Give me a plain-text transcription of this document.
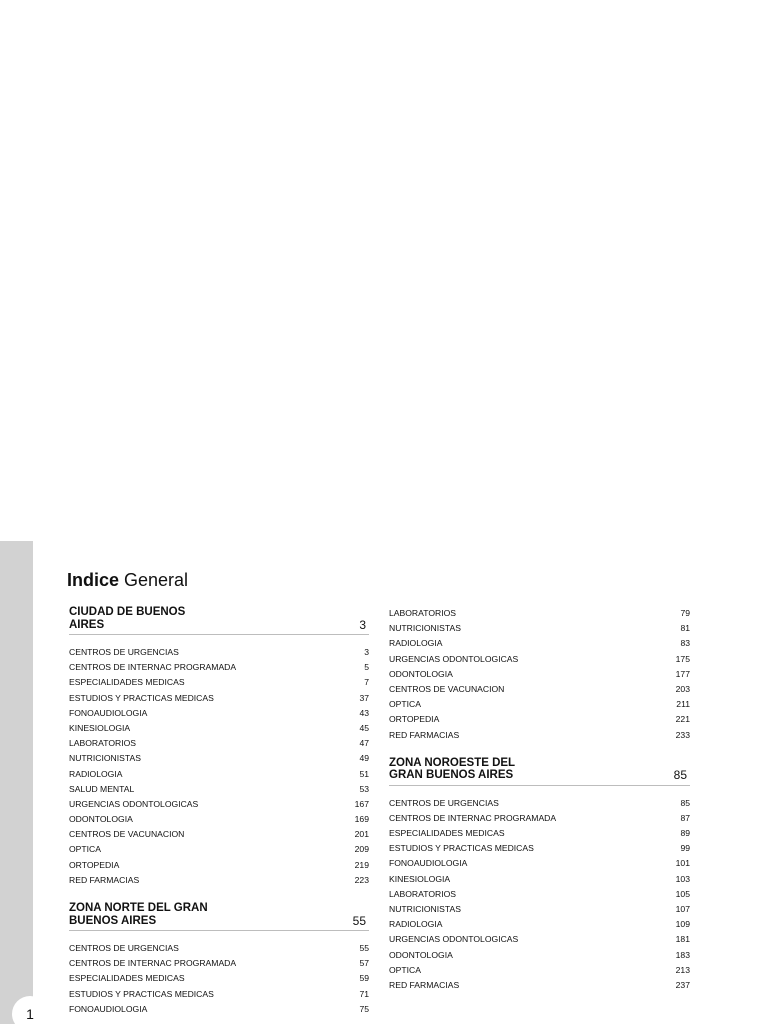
1
Indice General
CIUDAD DE BUENOS
AIRES	3
CENTROS DE URGENCIAS	3
CENTROS DE INTERNAC PROGRAMADA	5
ESPECIALIDADES MEDICAS	7
ESTUDIOS Y PRACTICAS MEDICAS	37
FONOAUDIOLOGIA	43
KINESIOLOGIA	45
LABORATORIOS	47
NUTRICIONISTAS	49
RADIOLOGIA	51
SALUD MENTAL	53
URGENCIAS ODONTOLOGICAS	167
ODONTOLOGIA	169
CENTROS DE VACUNACION	201
OPTICA	209
ORTOPEDIA	219
RED FARMACIAS	223
ZONA NORTE DEL GRAN
BUENOS AIRES	55
CENTROS DE URGENCIAS	55
CENTROS DE INTERNAC PROGRAMADA	57
ESPECIALIDADES MEDICAS	59
ESTUDIOS Y PRACTICAS MEDICAS	71
FONOAUDIOLOGIA	75
LABORATORIOS	79
NUTRICIONISTAS	81
RADIOLOGIA	83
URGENCIAS ODONTOLOGICAS	175
ODONTOLOGIA	177
CENTROS DE VACUNACION	203
OPTICA	211
ORTOPEDIA	221
RED FARMACIAS	233
ZONA NOROESTE DEL
GRAN BUENOS AIRES	85
CENTROS DE URGENCIAS	85
CENTROS DE INTERNAC PROGRAMADA	87
ESPECIALIDADES MEDICAS	89
ESTUDIOS Y PRACTICAS MEDICAS	99
FONOAUDIOLOGIA	101
KINESIOLOGIA	103
LABORATORIOS	105
NUTRICIONISTAS	107
RADIOLOGIA	109
URGENCIAS ODONTOLOGICAS	181
ODONTOLOGIA	183
OPTICA	213
RED FARMACIAS	237
